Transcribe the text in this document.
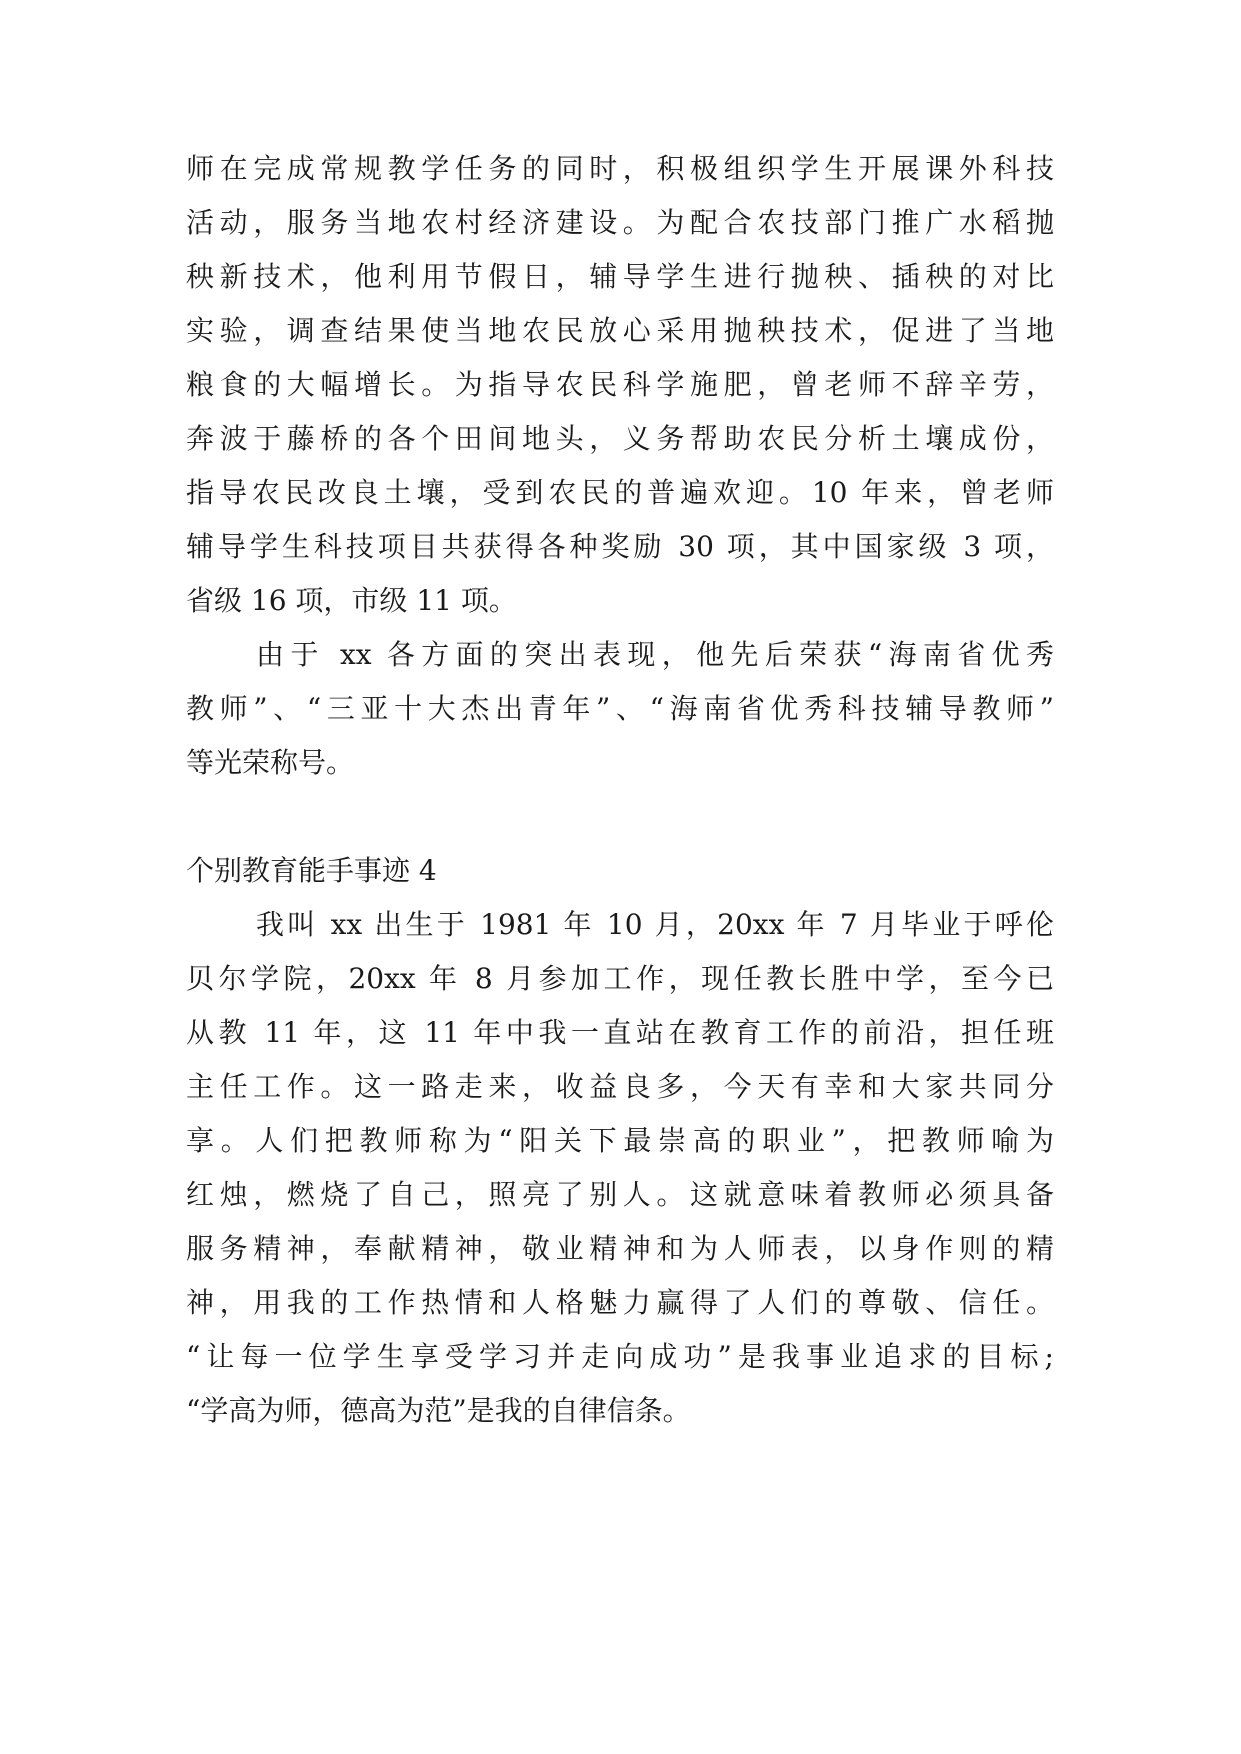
师在完成常规教学任务的同时，积极组织学生开展课外科技
活动，服务当地农村经济建设。为配合农技部门推广水稻抛
秧新技术，他利用节假日，辅导学生进行抛秧、插秧的对比
实验，调查结果使当地农民放心采用抛秧技术，促进了当地
粮食的大幅增长。为指导农民科学施肥，曾老师不辞辛劳，
奔波于藤桥的各个田间地头，义务帮助农民分析土壤成份，
指导农民改良土壤，受到农民的普遍欢迎。10 年来，曾老师
辅导学生科技项目共获得各种奖励 30 项，其中国家级 3 项，
省级 16 项，市级 11 项。
由于 xx 各方面的突出表现，他先后荣获“海南省优秀
教师”、“三亚十大杰出青年”、“海南省优秀科技辅导教师”
等光荣称号。
个别教育能手事迹 4
我叫 xx 出生于 1981 年 10 月，20xx 年 7 月毕业于呼伦
贝尔学院，20xx 年 8 月参加工作，现任教长胜中学，至今已
从教 11 年，这 11 年中我一直站在教育工作的前沿，担任班
主任工作。这一路走来，收益良多，今天有幸和大家共同分
享。人们把教师称为“阳关下最崇高的职业”，把教师喻为
红烛，燃烧了自己，照亮了别人。这就意味着教师必须具备
服务精神，奉献精神，敬业精神和为人师表，以身作则的精
神，用我的工作热情和人格魅力赢得了人们的尊敬、信任。
“让每一位学生享受学习并走向成功”是我事业追求的目标;
“学高为师，德高为范”是我的自律信条。
